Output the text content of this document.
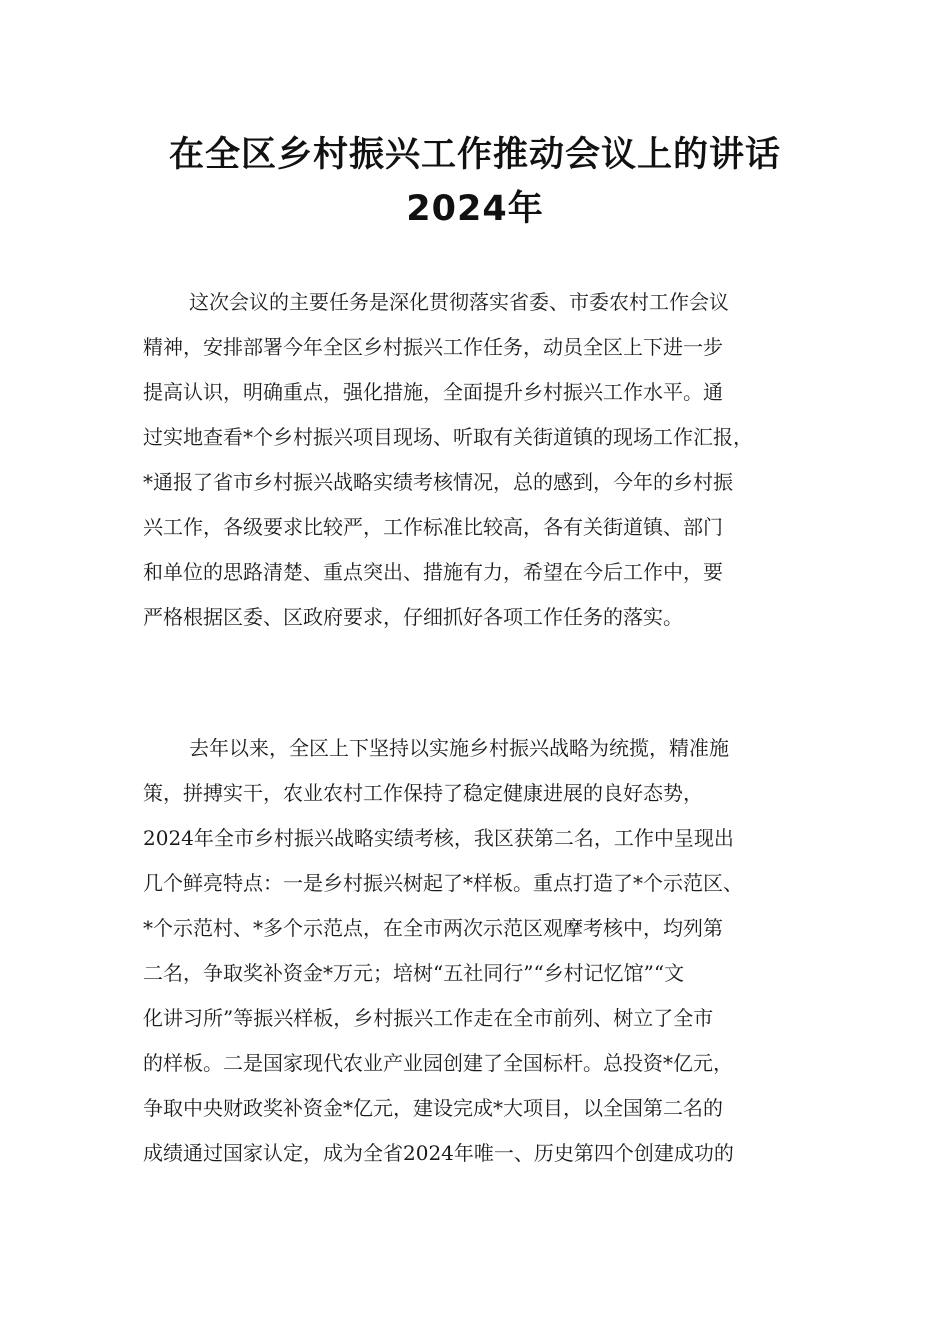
在全区乡村振兴工作推动会议上的讲话
2024年
这次会议的主要任务是深化贯彻落实省委、市委农村工作会议
精神，安排部署今年全区乡村振兴工作任务，动员全区上下进一步
提高认识，明确重点，强化措施，全面提升乡村振兴工作水平。通
过实地查看*个乡村振兴项目现场、听取有关街道镇的现场工作汇报，
*通报了省市乡村振兴战略实绩考核情况，总的感到，今年的乡村振
兴工作，各级要求比较严，工作标准比较高，各有关街道镇、部门
和单位的思路清楚、重点突出、措施有力，希望在今后工作中，要
严格根据区委、区政府要求，仔细抓好各项工作任务的落实。
去年以来，全区上下坚持以实施乡村振兴战略为统揽，精准施
策，拼搏实干，农业农村工作保持了稳定健康进展的良好态势，
2024年全市乡村振兴战略实绩考核，我区获第二名，工作中呈现出
几个鲜亮特点：一是乡村振兴树起了*样板。重点打造了*个示范区、
*个示范村、*多个示范点，在全市两次示范区观摩考核中，均列第
二名，争取奖补资金*万元；培树“五社同行”“乡村记忆馆”“文
化讲习所”等振兴样板，乡村振兴工作走在全市前列、树立了全市
的样板。二是国家现代农业产业园创建了全国标杆。总投资*亿元，
争取中央财政奖补资金*亿元，建设完成*大项目，以全国第二名的
成绩通过国家认定，成为全省2024年唯一、历史第四个创建成功的
